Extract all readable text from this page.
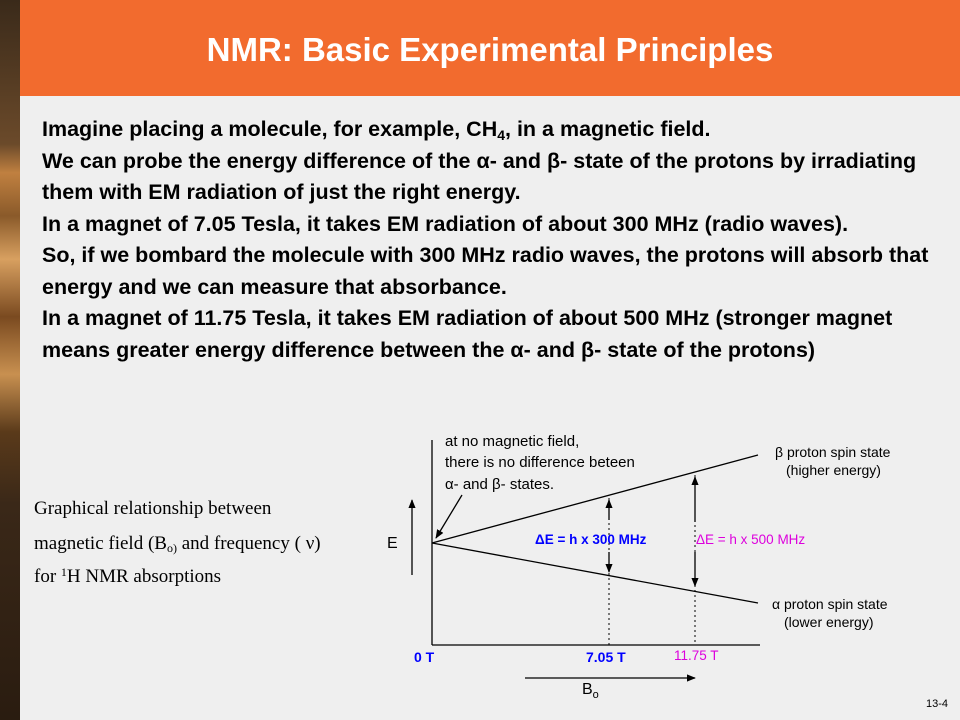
NMR: Basic Experimental Principles

Imagine placing a molecule, for example, $CH_4$, in a magnetic field.

We can probe the energy difference of the α- and β- state of the protons by irradiating them with EM radiation of just the right energy.

In a magnet of 7.05 Tesla, it takes EM radiation of about 300 MHz (radio waves).

So, if we bombard the molecule with 300 MHz radio waves, the protons will absorb that energy and we can measure that absorbance.

In a magnet of 11.75 Tesla, it takes EM radiation of about 500 MHz (stronger magnet means greater energy difference between the α- and β- state of the protons)

Graphical relationship between
magnetic field ($B_{o)}$ and frequency ( ν)
for $^1$H NMR absorptions
E
at no magnetic field,
there is no difference beteen
α- and β- states.
β proton spin state
(higher energy)
α proton spin state
(lower energy)
ΔE = h x 300 MHz	ΔE = h x 500 MHz
0 T	7.05 T	11.75 T
$B_o$
13-4
